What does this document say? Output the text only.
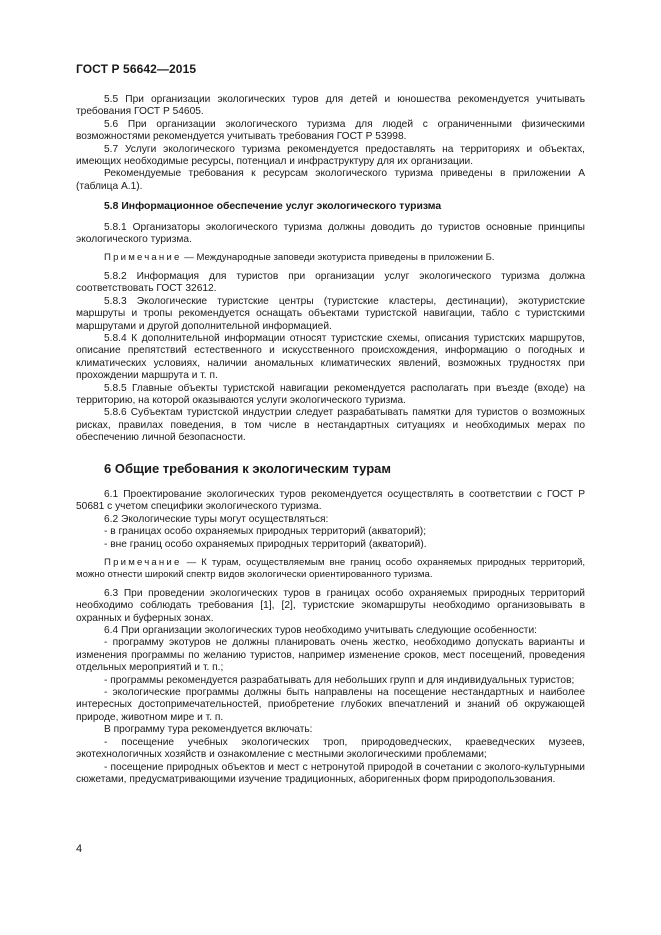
ГОСТ Р 56642—2015

5.5 При организации экологических туров для детей и юношества рекомендуется учитывать требования ГОСТ Р 54605.

5.6 При организации экологического туризма для людей с ограниченными физическими возможностями рекомендуется учитывать требования ГОСТ Р 53998.

5.7 Услуги экологического туризма рекомендуется предоставлять на территориях и объектах, имеющих необходимые ресурсы, потенциал и инфраструктуру для их организации.

Рекомендуемые требования к ресурсам экологического туризма приведены в приложении А (таблица А.1).

5.8 Информационное обеспечение услуг экологического туризма

5.8.1 Организаторы экологического туризма должны доводить до туристов основные принципы экологического туризма.

Примечание — Международные заповеди экотуриста приведены в приложении Б.

5.8.2 Информация для туристов при организации услуг экологического туризма должна соответствовать ГОСТ 32612.

5.8.3 Экологические туристские центры (туристские кластеры, дестинации), экотуристские маршруты и тропы рекомендуется оснащать объектами туристской навигации, табло с туристскими маршрутами и другой дополнительной информацией.

5.8.4 К дополнительной информации относят туристские схемы, описания туристских маршрутов, описание препятствий естественного и искусственного происхождения, информацию о погодных и климатических условиях, наличии аномальных климатических явлений, возможных трудностях при прохождении маршрута и т. п.

5.8.5 Главные объекты туристской навигации рекомендуется располагать при въезде (входе) на территорию, на которой оказываются услуги экологического туризма.

5.8.6 Субъектам туристской индустрии следует разрабатывать памятки для туристов о возможных рисках, правилах поведения, в том числе в нестандартных ситуациях и необходимых мерах по обеспечению личной безопасности.

6 Общие требования к экологическим турам

6.1 Проектирование экологических туров рекомендуется осуществлять в соответствии с ГОСТ Р 50681 с учетом специфики экологического туризма.

6.2 Экологические туры могут осуществляться:

- в границах особо охраняемых природных территорий (акваторий);

- вне границ особо охраняемых природных территорий (акваторий).

Примечание — К турам, осуществляемым вне границ особо охраняемых природных территорий, можно отнести широкий спектр видов экологически ориентированного туризма.

6.3 При проведении экологических туров в границах особо охраняемых природных территорий необходимо соблюдать требования [1], [2], туристские экомаршруты необходимо организовывать в охранных и буферных зонах.

6.4 При организации экологических туров необходимо учитывать следующие особенности:

- программу экотуров не должны планировать очень жестко, необходимо допускать варианты и изменения программы по желанию туристов, например изменение сроков, мест посещений, проведения отдельных мероприятий и т. п.;

- программы рекомендуется разрабатывать для небольших групп и для индивидуальных туристов;

- экологические программы должны быть направлены на посещение нестандартных и наиболее интересных достопримечательностей, приобретение глубоких впечатлений и знаний об окружающей природе, животном мире и т. п.

В программу тура рекомендуется включать:

- посещение учебных экологических троп, природоведческих, краеведческих музеев, экотехнологичных хозяйств и ознакомление с местными экологическими проблемами;

- посещение природных объектов и мест с нетронутой природой в сочетании с эколого-культурными сюжетами, предусматривающими изучение традиционных, аборигенных форм природопользования.

4
